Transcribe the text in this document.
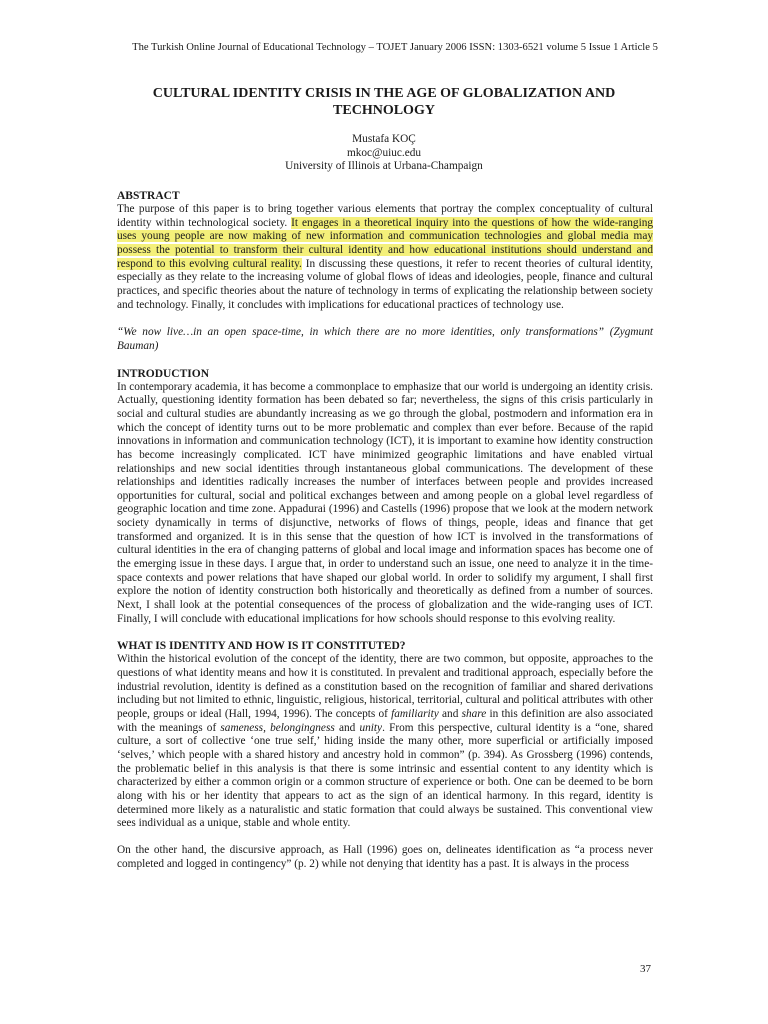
The Turkish Online Journal of Educational Technology – TOJET January 2006 ISSN: 1303-6521 volume 5 Issue 1 Article 5
CULTURAL IDENTITY CRISIS IN THE AGE OF GLOBALIZATION AND TECHNOLOGY
Mustafa KOÇ
mkoc@uiuc.edu
University of Illinois at Urbana-Champaign
ABSTRACT

The purpose of this paper is to bring together various elements that portray the complex conceptuality of cultural identity within technological society. It engages in a theoretical inquiry into the questions of how the wide-ranging uses young people are now making of new information and communication technologies and global media may possess the potential to transform their cultural identity and how educational institutions should understand and respond to this evolving cultural reality. In discussing these questions, it refer to recent theories of cultural identity, especially as they relate to the increasing volume of global flows of ideas and ideologies, people, finance and cultural practices, and specific theories about the nature of technology in terms of explicating the relationship between society and technology. Finally, it concludes with implications for educational practices of technology use.

“We now live…in an open space-time, in which there are no more identities, only transformations” (Zygmunt Bauman)

INTRODUCTION

In contemporary academia, it has become a commonplace to emphasize that our world is undergoing an identity crisis. Actually, questioning identity formation has been debated so far; nevertheless, the signs of this crisis particularly in social and cultural studies are abundantly increasing as we go through the global, postmodern and information era in which the concept of identity turns out to be more problematic and complex than ever before. Because of the rapid innovations in information and communication technology (ICT), it is important to examine how identity construction has become increasingly complicated. ICT have minimized geographic limitations and have enabled virtual relationships and new social identities through instantaneous global communications. The development of these relationships and identities radically increases the number of interfaces between people and provides increased opportunities for cultural, social and political exchanges between and among people on a global level regardless of geographic location and time zone. Appadurai (1996) and Castells (1996) propose that we look at the modern network society dynamically in terms of disjunctive, networks of flows of things, people, ideas and finance that get transformed and organized. It is in this sense that the question of how ICT is involved in the transformations of cultural identities in the era of changing patterns of global and local image and information spaces has become one of the emerging issue in these days. I argue that, in order to understand such an issue, one need to analyze it in the time-space contexts and power relations that have shaped our global world. In order to solidify my argument, I shall first explore the notion of identity construction both historically and theoretically as defined from a number of sources. Next, I shall look at the potential consequences of the process of globalization and the wide-ranging uses of ICT. Finally, I will conclude with educational implications for how schools should response to this evolving reality.

WHAT IS IDENTITY AND HOW IS IT CONSTITUTED?

Within the historical evolution of the concept of the identity, there are two common, but opposite, approaches to the questions of what identity means and how it is constituted. In prevalent and traditional approach, especially before the industrial revolution, identity is defined as a constitution based on the recognition of familiar and shared derivations including but not limited to ethnic, linguistic, religious, historical, territorial, cultural and political attributes with other people, groups or ideal (Hall, 1994, 1996). The concepts of familiarity and share in this definition are also associated with the meanings of sameness, belongingness and unity. From this perspective, cultural identity is a “one, shared culture, a sort of collective ‘one true self,’ hiding inside the many other, more superficial or artificially imposed ‘selves,’ which people with a shared history and ancestry hold in common” (p. 394). As Grossberg (1996) contends, the problematic belief in this analysis is that there is some intrinsic and essential content to any identity which is characterized by either a common origin or a common structure of experience or both. One can be deemed to be born along with his or her identity that appears to act as the sign of an identical harmony. In this regard, identity is determined more likely as a naturalistic and static formation that could always be sustained. This conventional view sees individual as a unique, stable and whole entity.

On the other hand, the discursive approach, as Hall (1996) goes on, delineates identification as “a process never completed and logged in contingency” (p. 2) while not denying that identity has a past. It is always in the process

37
